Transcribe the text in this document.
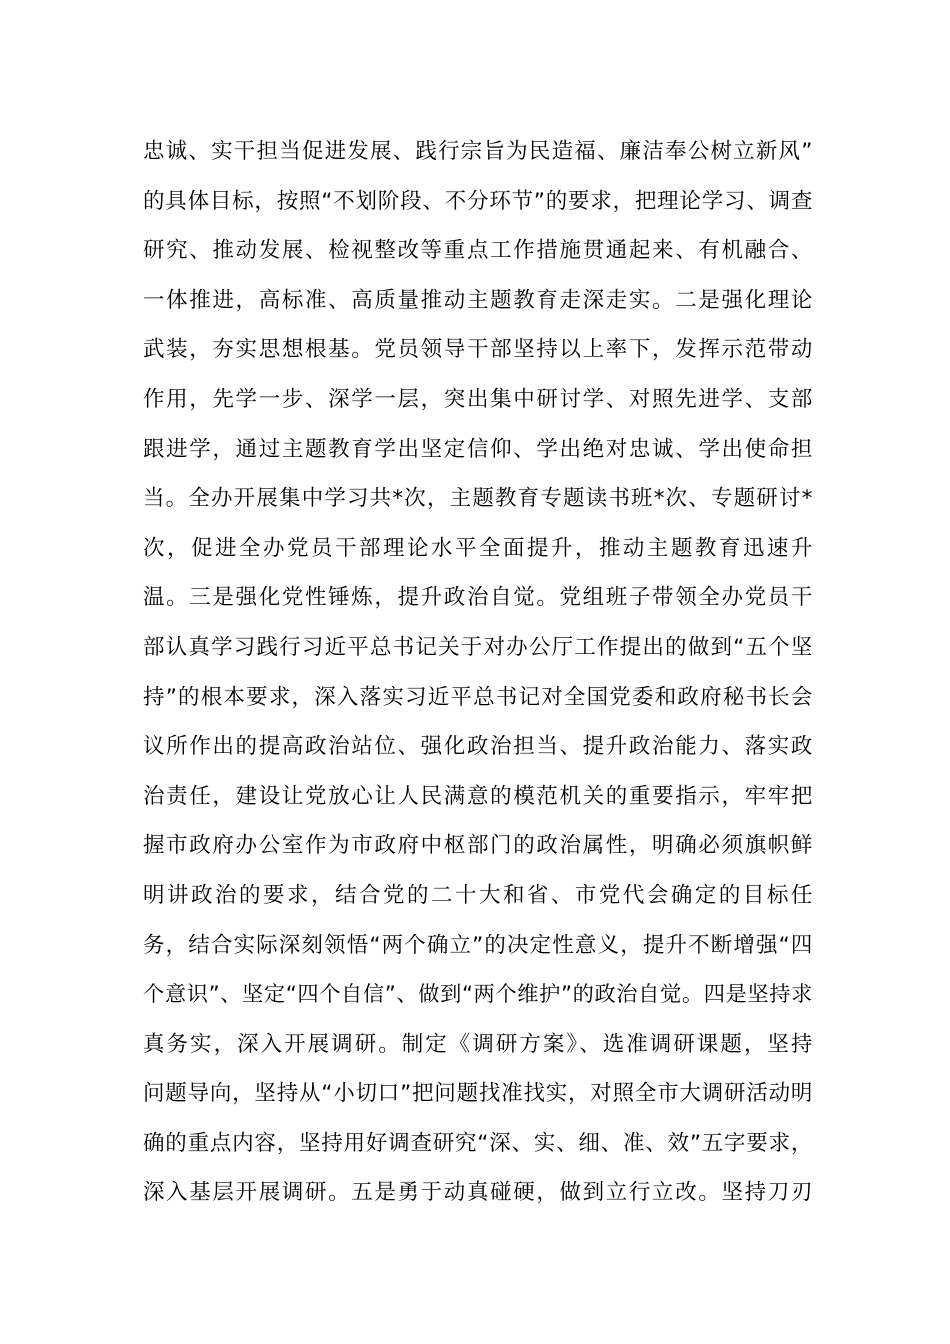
忠诚、实干担当促进发展、践行宗旨为民造福、廉洁奉公树立新风”
的具体目标，按照“不划阶段、不分环节”的要求，把理论学习、调查
研究、推动发展、检视整改等重点工作措施贯通起来、有机融合、
一体推进，高标准、高质量推动主题教育走深走实。二是强化理论
武装，夯实思想根基。党员领导干部坚持以上率下，发挥示范带动
作用，先学一步、深学一层，突出集中研讨学、对照先进学、支部
跟进学，通过主题教育学出坚定信仰、学出绝对忠诚、学出使命担
当。全办开展集中学习共*次，主题教育专题读书班*次、专题研讨*
次，促进全办党员干部理论水平全面提升，推动主题教育迅速升
温。三是强化党性锤炼，提升政治自觉。党组班子带领全办党员干
部认真学习践行习近平总书记关于对办公厅工作提出的做到“五个坚
持”的根本要求，深入落实习近平总书记对全国党委和政府秘书长会
议所作出的提高政治站位、强化政治担当、提升政治能力、落实政
治责任，建设让党放心让人民满意的模范机关的重要指示，牢牢把
握市政府办公室作为市政府中枢部门的政治属性，明确必须旗帜鲜
明讲政治的要求，结合党的二十大和省、市党代会确定的目标任
务，结合实际深刻领悟“两个确立”的决定性意义，提升不断增强“四
个意识”、坚定“四个自信”、做到“两个维护”的政治自觉。四是坚持求
真务实，深入开展调研。制定《调研方案》、选准调研课题，坚持
问题导向，坚持从“小切口”把问题找准找实，对照全市大调研活动明
确的重点内容，坚持用好调查研究“深、实、细、准、效”五字要求，
深入基层开展调研。五是勇于动真碰硬，做到立行立改。坚持刀刃
